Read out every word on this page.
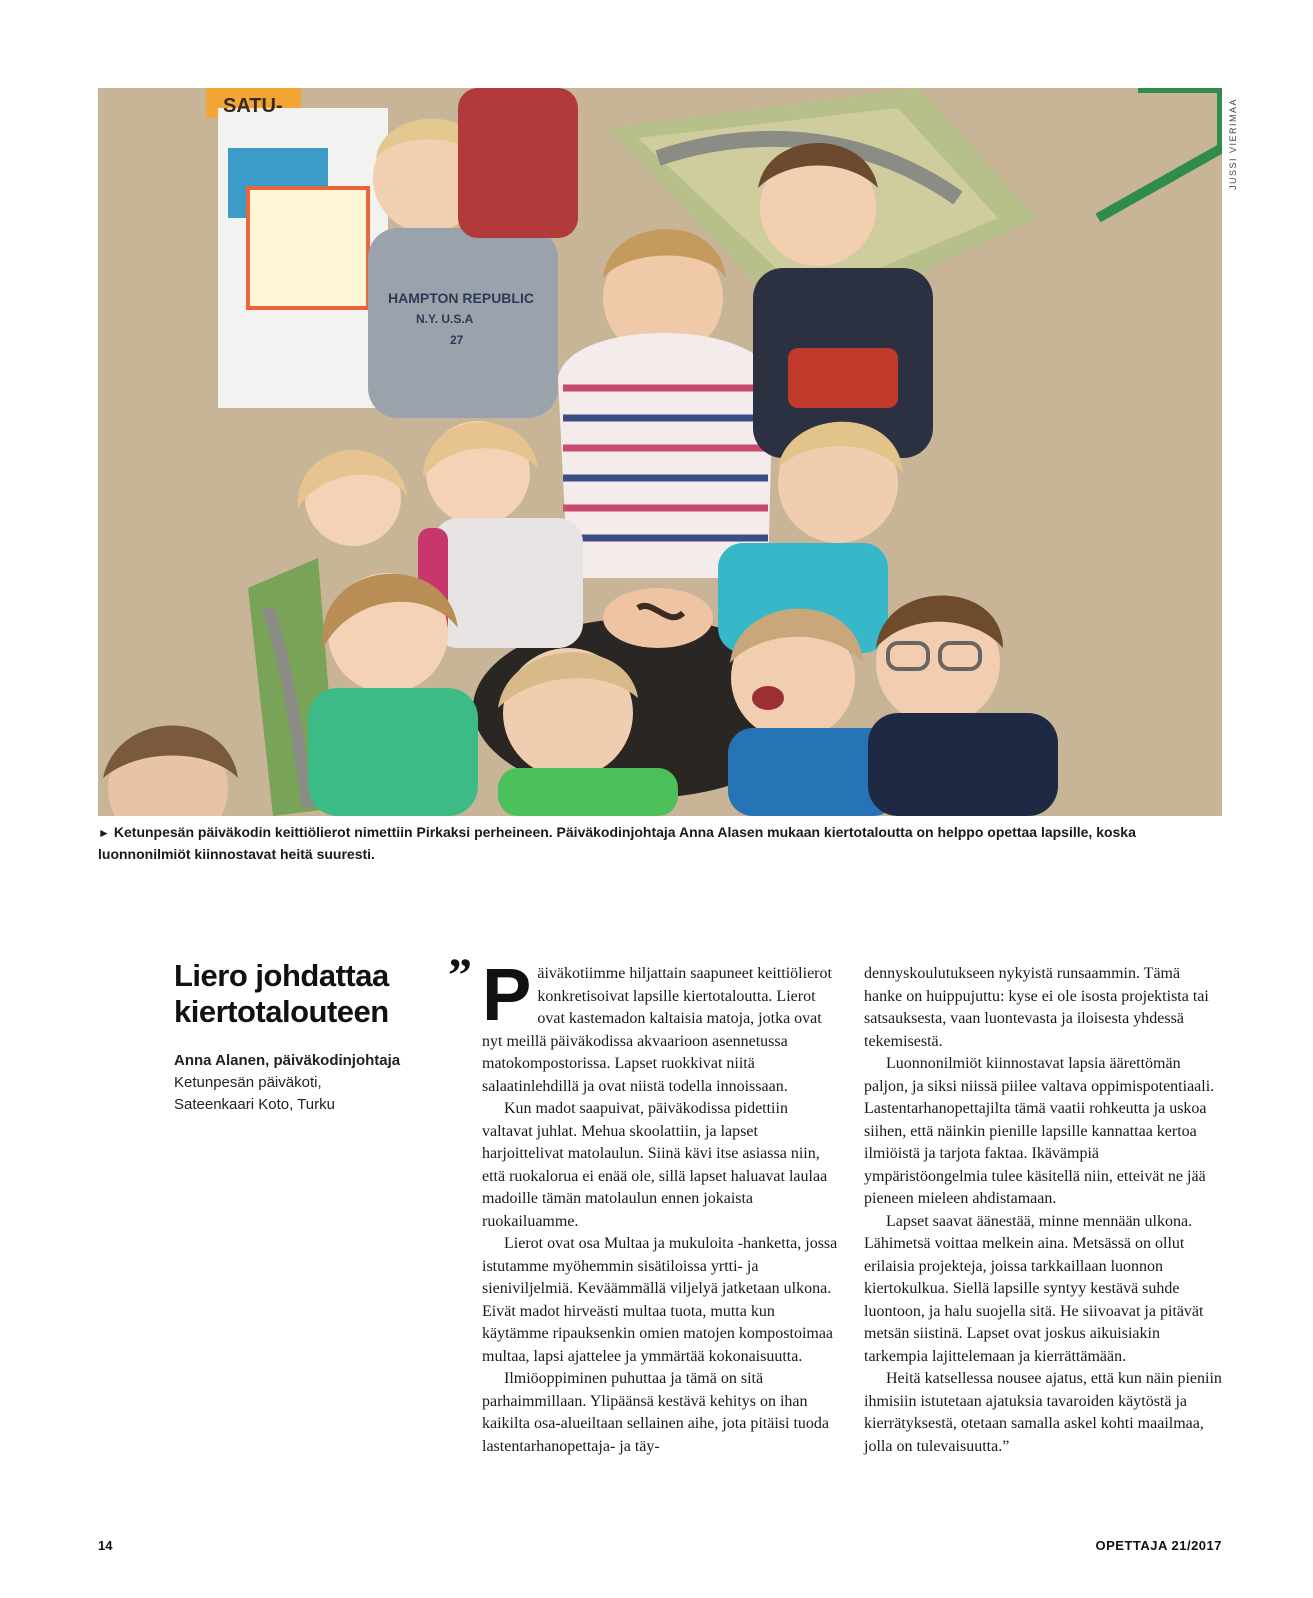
HAMPTON REPUBLIC
N.Y. U.S.A
27
SATU-	JUSSI VIERIMAA
► Ketunpesän päiväkodin keittiölierot nimettiin Pirkaksi perheineen. Päiväkodinjohtaja Anna Alasen mukaan kiertotaloutta on helppo opettaa lapsille, koska luonnonilmiöt kiinnostavat heitä suuresti.
Liero johdattaa
kiertotalouteen
Anna Alanen, päiväkodinjohtaja
Ketunpesän päiväkoti,
Sateenkaari Koto, Turku
” Päiväkotiimme hiljattain saapuneet keittiölierot konkretisoivat lapsille kiertotaloutta. Lierot ovat kastemadon kaltaisia matoja, jotka ovat nyt meillä päiväkodissa akvaarioon asennetussa matokompostorissa. Lapset ruokkivat niitä salaatinlehdillä ja ovat niistä todella innoissaan.

Kun madot saapuivat, päiväkodissa pidettiin valtavat juhlat. Mehua skoolattiin, ja lapset harjoittelivat matolaulun. Siinä kävi itse asiassa niin, että ruokalorua ei enää ole, sillä lapset haluavat laulaa madoille tämän matolaulun ennen jokaista ruokailuamme.

Lierot ovat osa Multaa ja mukuloita -hanketta, jossa istutamme myöhemmin sisätiloissa yrtti- ja sieniviljelmiä. Keväämmällä viljelyä jatketaan ulkona. Eivät madot hirveästi multaa tuota, mutta kun käytämme ripauksenkin omien matojen kompostoimaa multaa, lapsi ajattelee ja ymmärtää kokonaisuutta.

Ilmiöoppiminen puhuttaa ja tämä on sitä parhaimmillaan. Ylipäänsä kestävä kehitys on ihan kaikilta osa-alueiltaan sellainen aihe, jota pitäisi tuoda lastentarhanopettaja- ja täy-

dennyskoulutukseen nykyistä runsaammin. Tämä hanke on huippujuttu: kyse ei ole isosta projektista tai satsauksesta, vaan luontevasta ja iloisesta yhdessä tekemisestä.

Luonnonilmiöt kiinnostavat lapsia äärettömän paljon, ja siksi niissä piilee valtava oppimispotentiaali. Lastentarhanopettajilta tämä vaatii rohkeutta ja uskoa siihen, että näinkin pienille lapsille kannattaa kertoa ilmiöistä ja tarjota faktaa. Ikävämpiä ympäristöongelmia tulee käsitellä niin, etteivät ne jää pieneen mieleen ahdistamaan.

Lapset saavat äänestää, minne mennään ulkona. Lähimetsä voittaa melkein aina. Metsässä on ollut erilaisia projekteja, joissa tarkkaillaan luonnon kiertokulkua. Siellä lapsille syntyy kestävä suhde luontoon, ja halu suojella sitä. He siivoavat ja pitävät metsän siistinä. Lapset ovat joskus aikuisiakin tarkempia lajittelemaan ja kierrättämään.

Heitä katsellessa nousee ajatus, että kun näin pieniin ihmisiin istutetaan ajatuksia tavaroiden käytöstä ja kierrätyksestä, otetaan samalla askel kohti maailmaa, jolla on tulevaisuutta.”

14	OPETTAJA 21/2017
